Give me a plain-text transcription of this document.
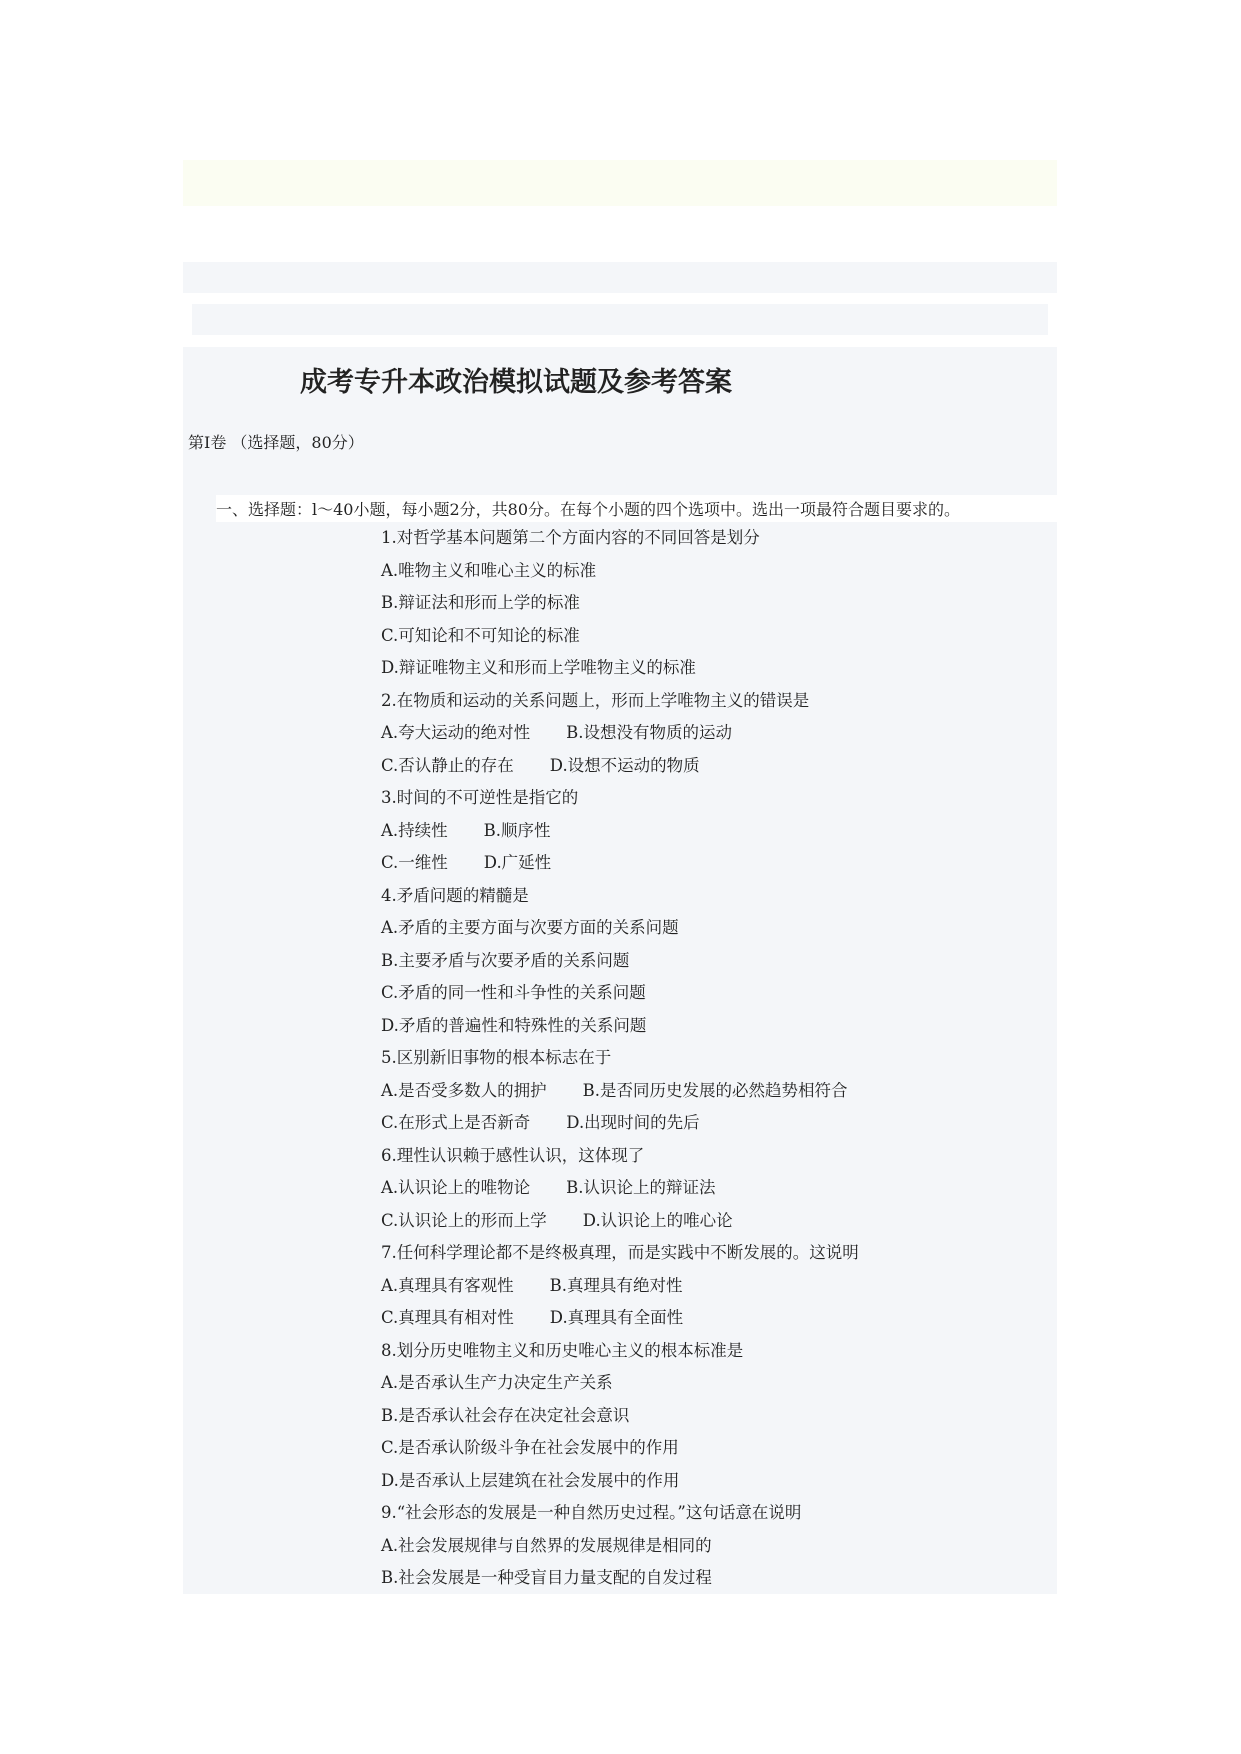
成考专升本政治模拟试题及参考答案
第Ⅰ卷 （选择题，80分）
一、选择题：l～40小题，每小题2分，共80分。在每个小题的四个选项中。选出一项最符合题目要求的。
1.对哲学基本问题第二个方面内容的不同回答是划分
A.唯物主义和唯心主义的标准
B.辩证法和形而上学的标准
C.可知论和不可知论的标准
D.辩证唯物主义和形而上学唯物主义的标准
2.在物质和运动的关系问题上，形而上学唯物主义的错误是
A.夸大运动的绝对性 B.设想没有物质的运动
C.否认静止的存在 D.设想不运动的物质
3.时间的不可逆性是指它的
A.持续性 B.顺序性
C.一维性 D.广延性
4.矛盾问题的精髓是
A.矛盾的主要方面与次要方面的关系问题
B.主要矛盾与次要矛盾的关系问题
C.矛盾的同一性和斗争性的关系问题
D.矛盾的普遍性和特殊性的关系问题
5.区别新旧事物的根本标志在于
A.是否受多数人的拥护 B.是否同历史发展的必然趋势相符合
C.在形式上是否新奇 D.出现时间的先后
6.理性认识赖于感性认识，这体现了
A.认识论上的唯物论 B.认识论上的辩证法
C.认识论上的形而上学 D.认识论上的唯心论
7.任何科学理论都不是终极真理，而是实践中不断发展的。这说明
A.真理具有客观性 B.真理具有绝对性
C.真理具有相对性 D.真理具有全面性
8.划分历史唯物主义和历史唯心主义的根本标准是
A.是否承认生产力决定生产关系
B.是否承认社会存在决定社会意识
C.是否承认阶级斗争在社会发展中的作用
D.是否承认上层建筑在社会发展中的作用
9.“社会形态的发展是一种自然历史过程。”这句话意在说明
A.社会发展规律与自然界的发展规律是相同的
B.社会发展是一种受盲目力量支配的自发过程
